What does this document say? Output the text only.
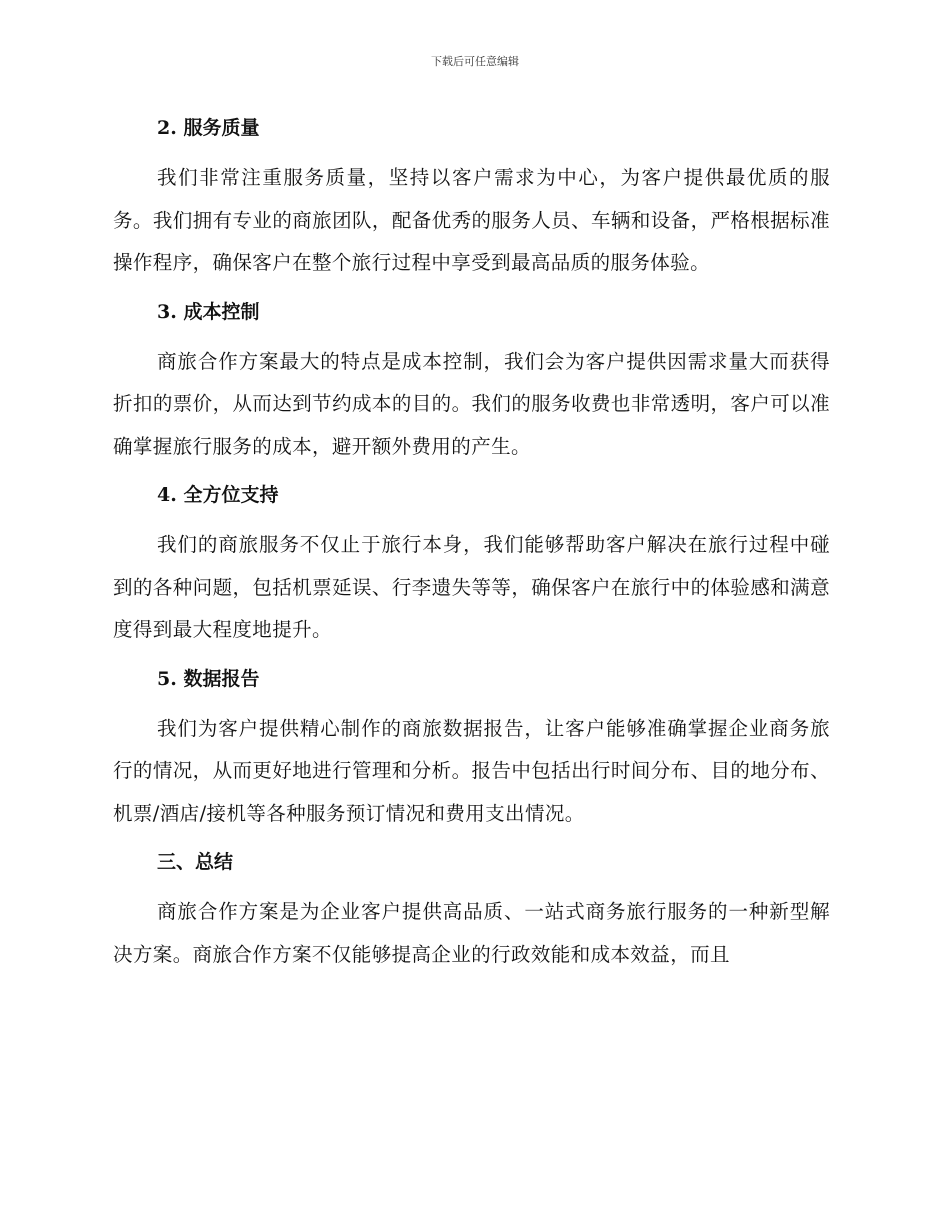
下载后可任意编辑
2. 服务质量

我们非常注重服务质量，坚持以客户需求为中心，为客户提供最优质的服务。我们拥有专业的商旅团队，配备优秀的服务人员、车辆和设备，严格根据标准操作程序，确保客户在整个旅行过程中享受到最高品质的服务体验。

3. 成本控制

商旅合作方案最大的特点是成本控制，我们会为客户提供因需求量大而获得折扣的票价，从而达到节约成本的目的。我们的服务收费也非常透明，客户可以准确掌握旅行服务的成本，避开额外费用的产生。

4. 全方位支持

我们的商旅服务不仅止于旅行本身，我们能够帮助客户解决在旅行过程中碰到的各种问题，包括机票延误、行李遗失等等，确保客户在旅行中的体验感和满意度得到最大程度地提升。

5. 数据报告

我们为客户提供精心制作的商旅数据报告，让客户能够准确掌握企业商务旅行的情况，从而更好地进行管理和分析。报告中包括出行时间分布、目的地分布、机票/酒店/接机等各种服务预订情况和费用支出情况。

三、总结

商旅合作方案是为企业客户提供高品质、一站式商务旅行服务的一种新型解决方案。商旅合作方案不仅能够提高企业的行政效能和成本效益，而且
